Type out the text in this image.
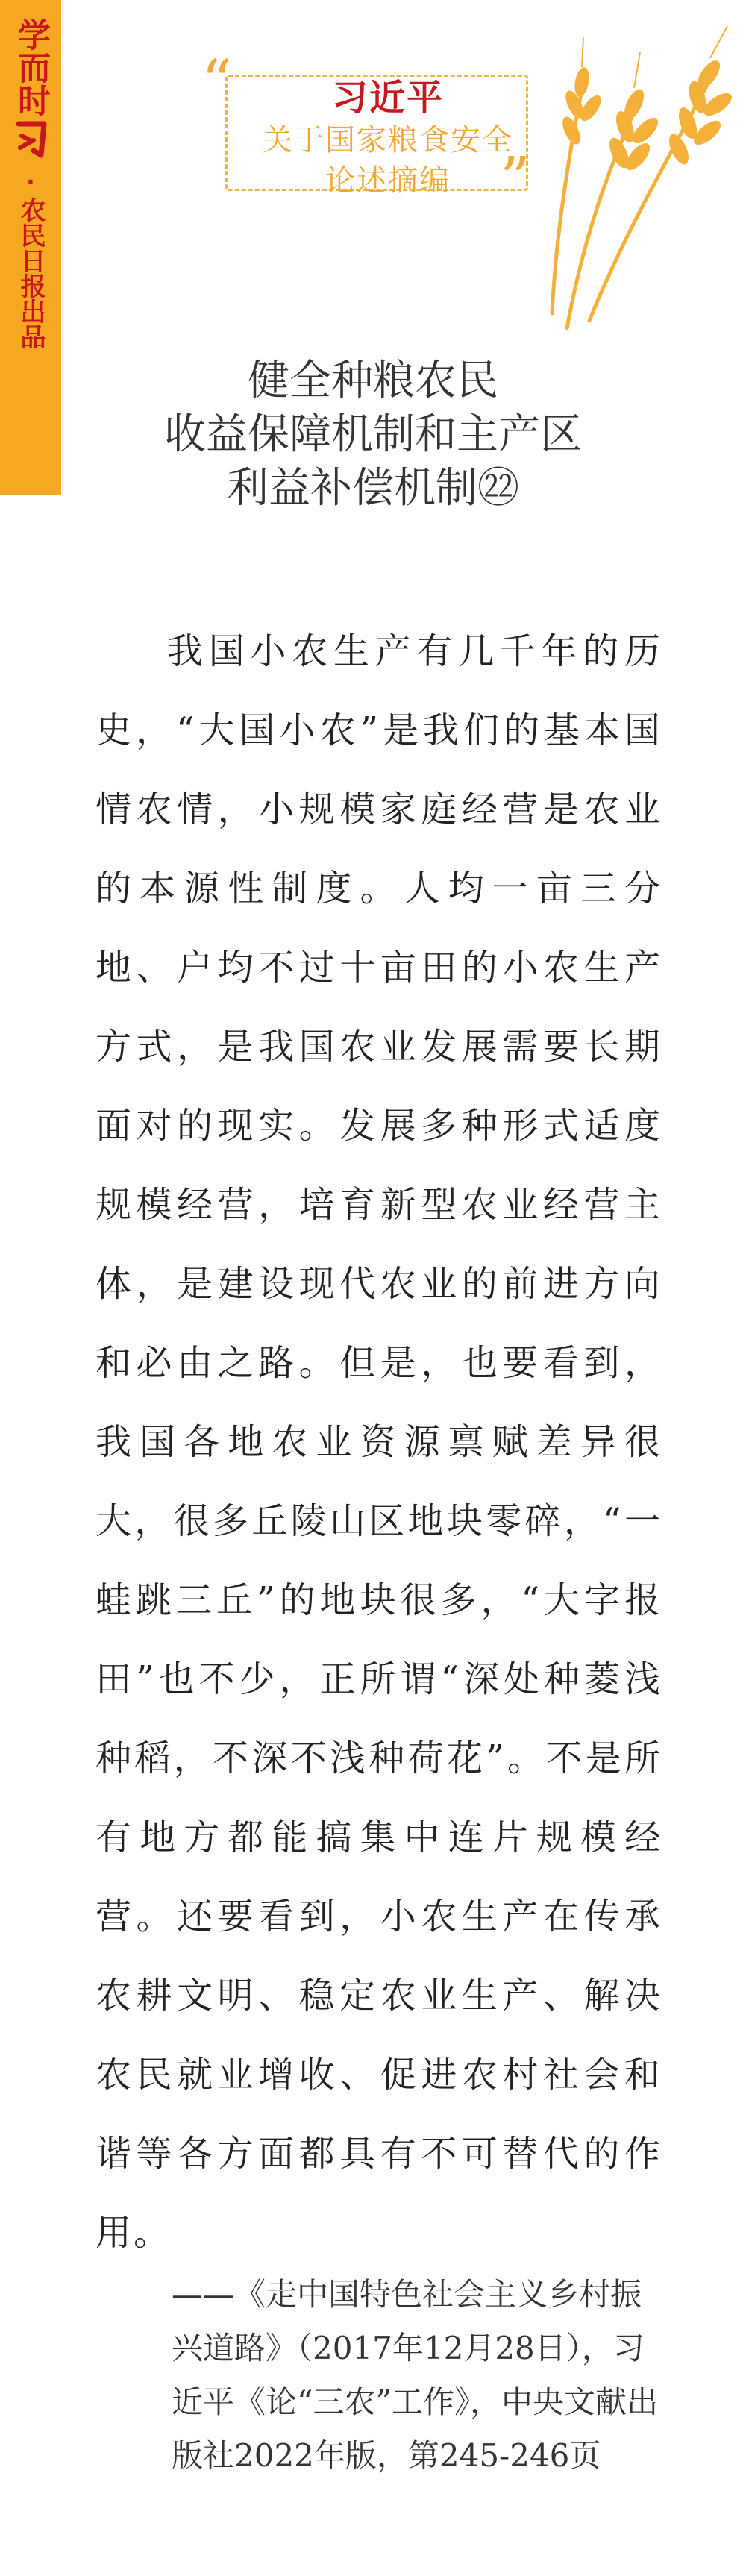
学而时
·
农民日报出品
“
”
习近平
关于国家粮食安全
论述摘编
健全种粮农民
收益保障机制和主产区
利益补偿机制㉒
我国小农生产有几千年的历史，“大国小农”是我们的基本国情农情，小规模家庭经营是农业的本源性制度。人均一亩三分地、户均不过十亩田的小农生产方式，是我国农业发展需要长期面对的现实。发展多种形式适度规模经营，培育新型农业经营主体，是建设现代农业的前进方向和必由之路。但是，也要看到，我国各地农业资源禀赋差异很大，很多丘陵山区地块零碎，“一蛙跳三丘”的地块很多，“大字报田”也不少，正所谓“深处种菱浅种稻，不深不浅种荷花”。不是所有地方都能搞集中连片规模经营。还要看到，小农生产在传承农耕文明、稳定农业生产、解决农民就业增收、促进农村社会和谐等各方面都具有不可替代的作用。
——《走中国特色社会主义乡村振兴道路》（2017年12月28日），习近平《论“三农”工作》，中央文献出版社2022年版，第245-246页
